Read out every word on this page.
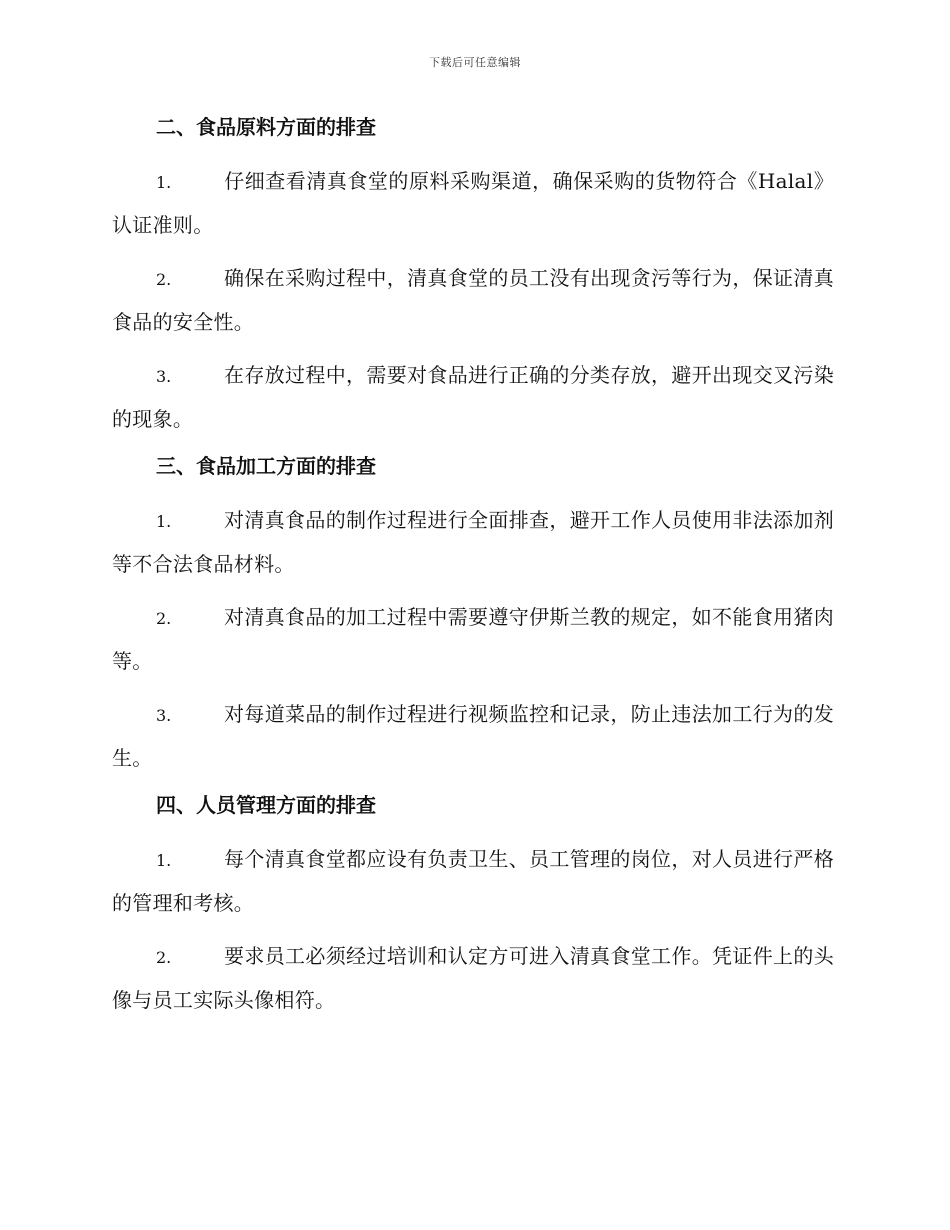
下载后可任意编辑
二、食品原料方面的排查
1.	仔细查看清真食堂的原料采购渠道，确保采购的货物符合《Halal》认证准则。
2.	确保在采购过程中，清真食堂的员工没有出现贪污等行为，保证清真食品的安全性。
3.	在存放过程中，需要对食品进行正确的分类存放，避开出现交叉污染的现象。
三、食品加工方面的排查
1.	对清真食品的制作过程进行全面排查，避开工作人员使用非法添加剂等不合法食品材料。
2.	对清真食品的加工过程中需要遵守伊斯兰教的规定，如不能食用猪肉等。
3.	对每道菜品的制作过程进行视频监控和记录，防止违法加工行为的发生。
四、人员管理方面的排查
1.	每个清真食堂都应设有负责卫生、员工管理的岗位，对人员进行严格的管理和考核。
2.	要求员工必须经过培训和认定方可进入清真食堂工作。凭证件上的头像与员工实际头像相符。
